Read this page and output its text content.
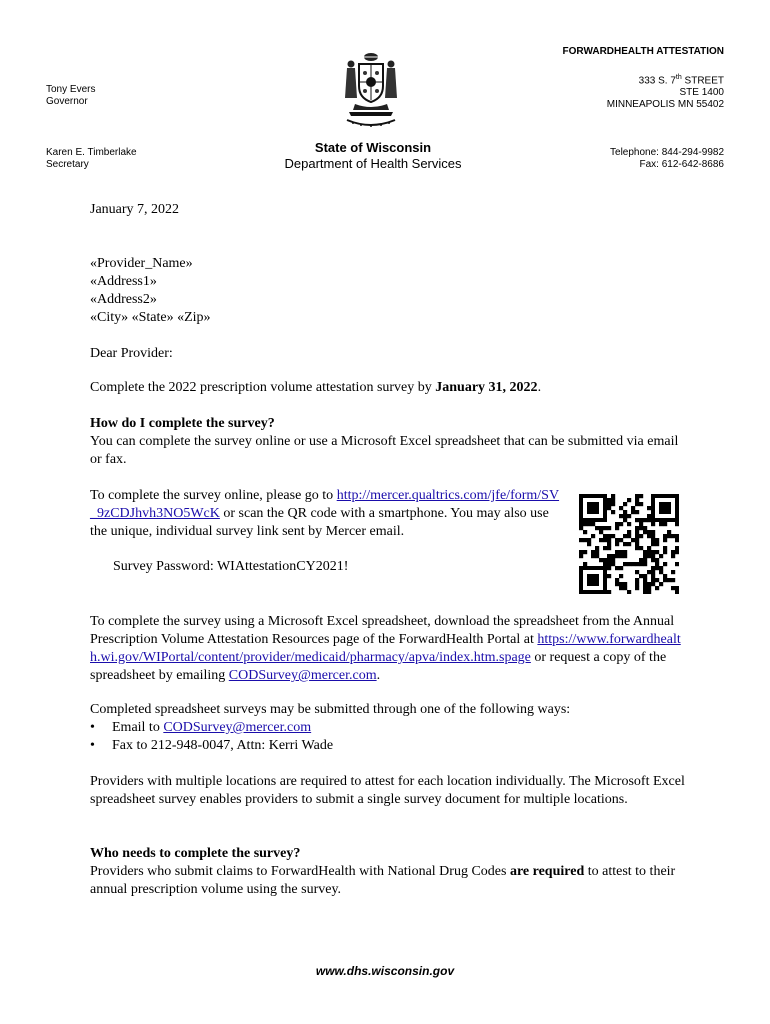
FORWARDHEALTH ATTESTATION
333 S. 7th STREET
STE 1400
MINNEAPOLIS MN 55402
Tony Evers
Governor
Karen E. Timberlake
Secretary
Telephone: 844-294-9982
Fax: 612-642-8686
State of Wisconsin
Department of Health Services
January 7, 2022
«Provider_Name»
«Address1»
«Address2»
«City» «State» «Zip»
Dear Provider:

Complete the 2022 prescription volume attestation survey by January 31, 2022.

How do I complete the survey?

You can complete the survey online or use a Microsoft Excel spreadsheet that can be submitted via email or fax.

To complete the survey online, please go to http://mercer.qualtrics.com/jfe/form/SV_9zCDJhvh3NO5WcK or scan the QR code with a smartphone. You may also use the unique, individual survey link sent by Mercer email.

Survey Password: WIAttestationCY2021!

To complete the survey using a Microsoft Excel spreadsheet, download the spreadsheet from the Annual Prescription Volume Attestation Resources page of the ForwardHealth Portal at https://www.forwardhealth.wi.gov/WIPortal/content/provider/medicaid/pharmacy/apva/index.htm.spage or request a copy of the spreadsheet by emailing CODSurvey@mercer.com.

Completed spreadsheet surveys may be submitted through one of the following ways:

• Email to CODSurvey@mercer.com
• Fax to 212-948-0047, Attn: Kerri Wade

Providers with multiple locations are required to attest for each location individually. The Microsoft Excel spreadsheet survey enables providers to submit a single survey document for multiple locations.

Who needs to complete the survey?

Providers who submit claims to ForwardHealth with National Drug Codes are required to attest to their annual prescription volume using the survey.

www.dhs.wisconsin.gov
